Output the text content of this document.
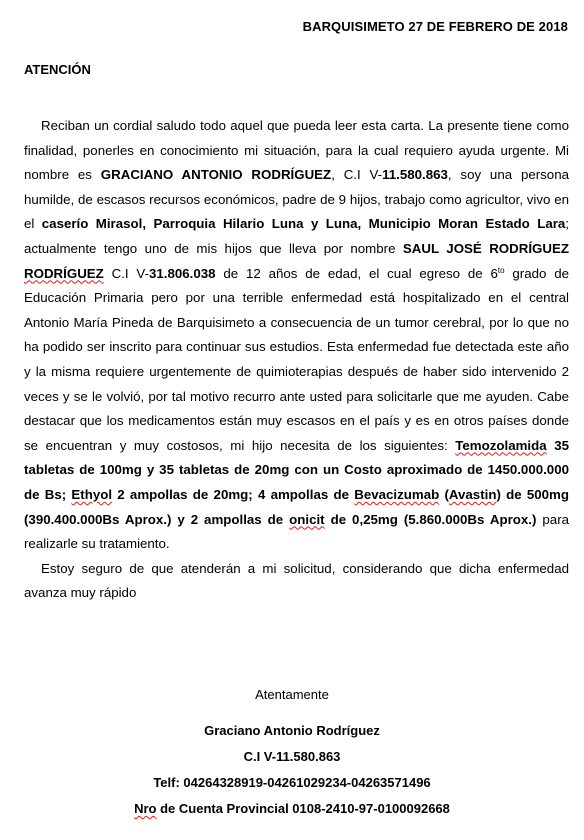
BARQUISIMETO 27 DE FEBRERO DE 2018
ATENCIÓN

Reciban un cordial saludo todo aquel que pueda leer esta carta. La presente tiene como finalidad, ponerles en conocimiento mi situación, para la cual requiero ayuda urgente. Mi nombre es GRACIANO ANTONIO RODRÍGUEZ, C.I V-11.580.863, soy una persona humilde, de escasos recursos económicos, padre de 9 hijos, trabajo como agricultor, vivo en el caserío Mirasol, Parroquia Hilario Luna y Luna, Municipio Moran Estado Lara; actualmente tengo uno de mis hijos que lleva por nombre SAUL JOSÉ RODRÍGUEZ RODRÍGUEZ C.I V-31.806.038 de 12 años de edad, el cual egreso de $6^{to}$ grado de Educación Primaria pero por una terrible enfermedad está hospitalizado en el central Antonio María Pineda de Barquisimeto a consecuencia de un tumor cerebral, por lo que no ha podido ser inscrito para continuar sus estudios. Esta enfermedad fue detectada este año y la misma requiere urgentemente de quimioterapias después de haber sido intervenido 2 veces y se le volvió, por tal motivo recurro ante usted para solicitarle que me ayuden. Cabe destacar que los medicamentos están muy escasos en el país y es en otros países donde se encuentran y muy costosos, mi hijo necesita de los siguientes: Temozolamida 35 tabletas de 100mg y 35 tabletas de 20mg con un Costo aproximado de 1450.000.000 de Bs; Ethyol 2 ampollas de 20mg; 4 ampollas de Bevacizumab (Avastin) de 500mg (390.400.000Bs Aprox.) y 2 ampollas de onicit de 0,25mg (5.860.000Bs Aprox.) para realizarle su tratamiento.

Estoy seguro de que atenderán a mi solicitud, considerando que dicha enfermedad avanza muy rápido

Atentamente
Graciano Antonio Rodríguez
C.I V-11.580.863
Telf: 04264328919-04261029234-04263571496
Nro de Cuenta Provincial 0108-2410-97-0100092668
